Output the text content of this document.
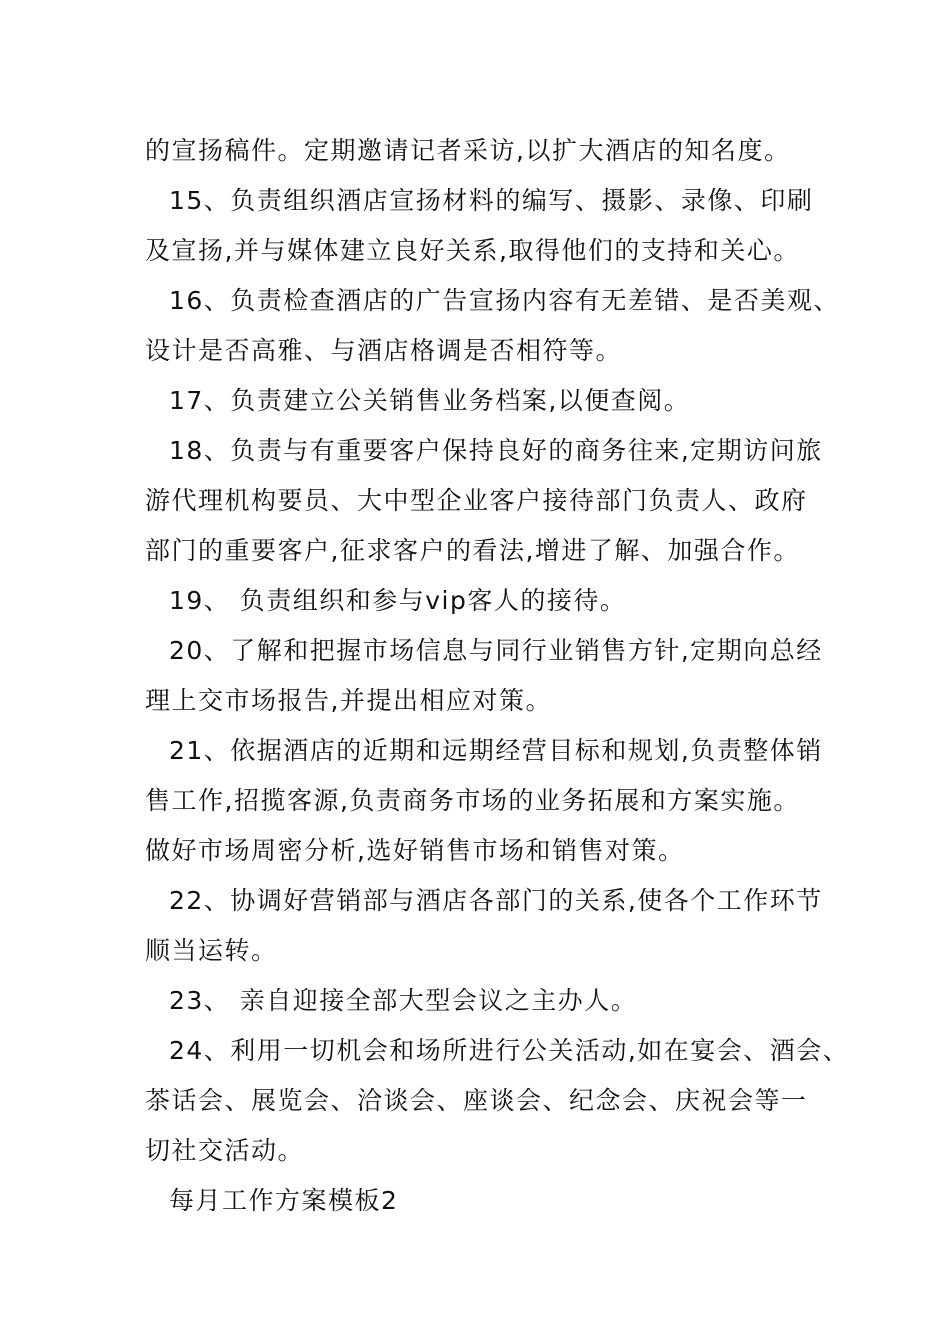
的宣扬稿件。定期邀请记者采访,以扩大酒店的知名度。
15、负责组织酒店宣扬材料的编写、摄影、录像、印刷
及宣扬,并与媒体建立良好关系,取得他们的支持和关心。
16、负责检查酒店的广告宣扬内容有无差错、是否美观、
设计是否高雅、与酒店格调是否相符等。
17、负责建立公关销售业务档案,以便查阅。
18、负责与有重要客户保持良好的商务往来,定期访问旅
游代理机构要员、大中型企业客户接待部门负责人、政府
部门的重要客户,征求客户的看法,增进了解、加强合作。
19、 负责组织和参与vip客人的接待。
20、了解和把握市场信息与同行业销售方针,定期向总经
理上交市场报告,并提出相应对策。
21、依据酒店的近期和远期经营目标和规划,负责整体销
售工作,招揽客源,负责商务市场的业务拓展和方案实施。
做好市场周密分析,选好销售市场和销售对策。
22、协调好营销部与酒店各部门的关系,使各个工作环节
顺当运转。
23、 亲自迎接全部大型会议之主办人。
24、利用一切机会和场所进行公关活动,如在宴会、酒会、
茶话会、展览会、洽谈会、座谈会、纪念会、庆祝会等一
切社交活动。
每月工作方案模板2
